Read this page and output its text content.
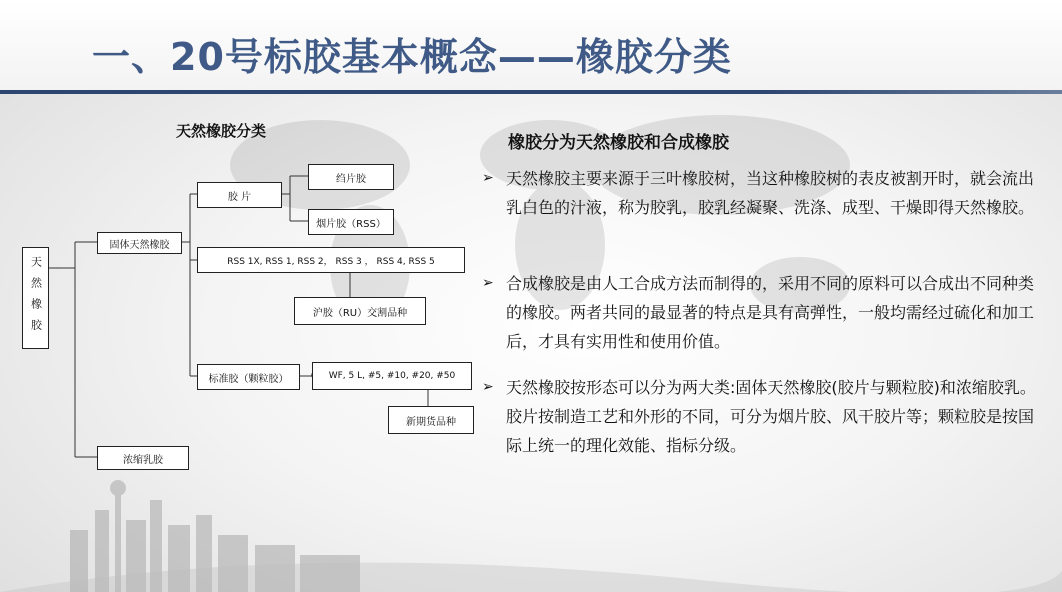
一、20号标胶基本概念——橡胶分类
天然橡胶分类
天然橡胶
固体天然橡胶
浓缩乳胶
胶 片
绉片胶
烟片胶（RSS）
RSS 1X, RSS 1, RSS 2， RSS 3 ， RSS 4, RSS 5
沪胶（RU）交割品种
标准胶（颗粒胶）	WF, 5 L, #5, #10, #20, #50
新期货品种
橡胶分为天然橡胶和合成橡胶
➢ 天然橡胶主要来源于三叶橡胶树，当这种橡胶树的表皮被割开时，就会流出乳白色的汁液，称为胶乳，胶乳经凝聚、洗涤、成型、干燥即得天然橡胶。
➢ 合成橡胶是由人工合成方法而制得的，采用不同的原料可以合成出不同种类的橡胶。两者共同的最显著的特点是具有高弹性，一般均需经过硫化和加工后，才具有实用性和使用价值。
➢ 天然橡胶按形态可以分为两大类:固体天然橡胶(胶片与颗粒胶)和浓缩胶乳。胶片按制造工艺和外形的不同，可分为烟片胶、风干胶片等；颗粒胶是按国际上统一的理化效能、指标分级。
